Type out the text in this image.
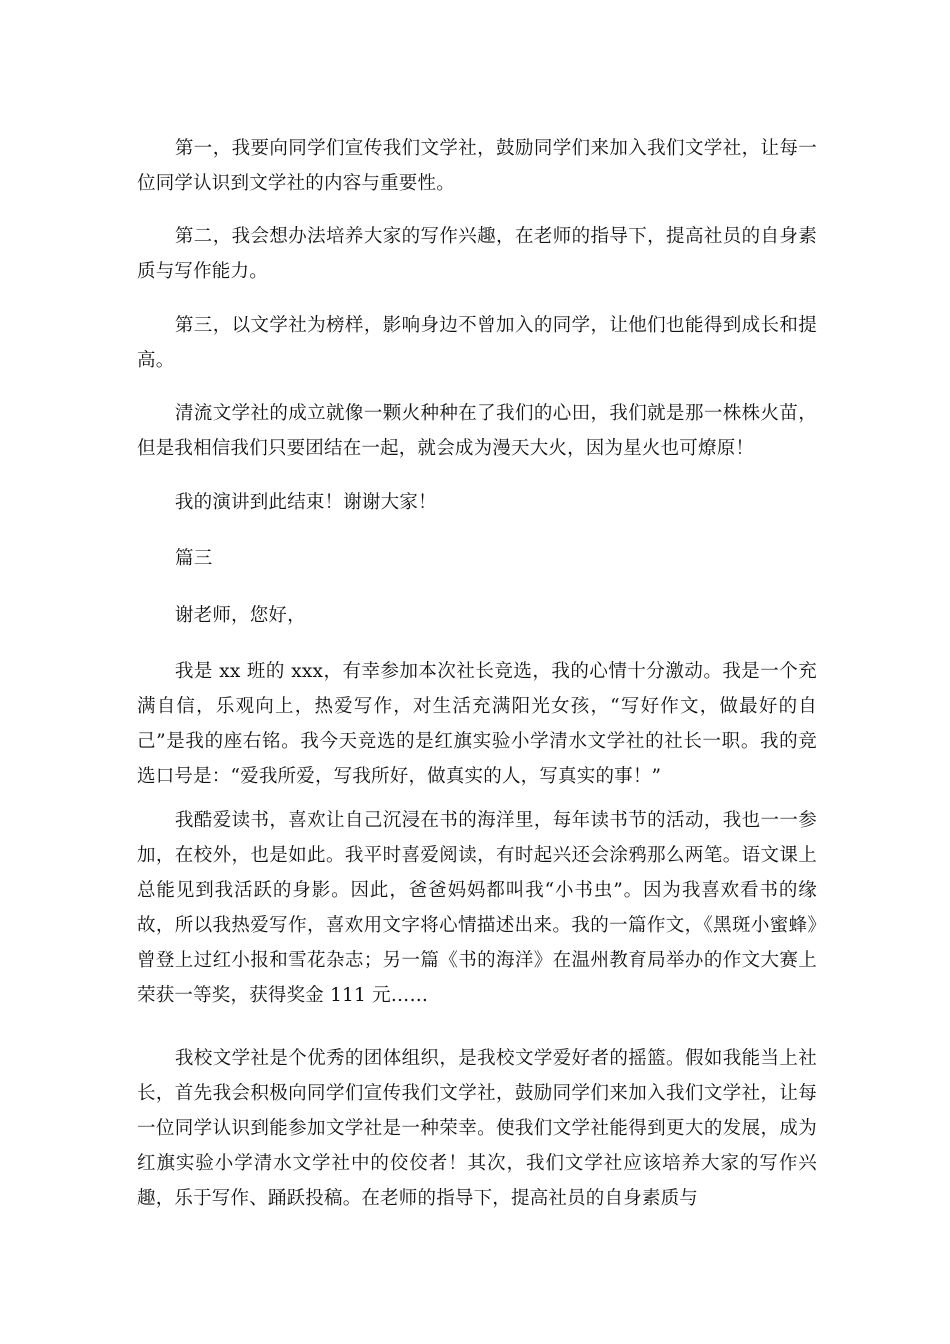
第一，我要向同学们宣传我们文学社，鼓励同学们来加入我们文学社，让每一位同学认识到文学社的内容与重要性。

第二，我会想办法培养大家的写作兴趣，在老师的指导下，提高社员的自身素质与写作能力。

第三，以文学社为榜样，影响身边不曾加入的同学，让他们也能得到成长和提高。

清流文学社的成立就像一颗火种种在了我们的心田，我们就是那一株株火苗，但是我相信我们只要团结在一起，就会成为漫天大火，因为星火也可燎原！

我的演讲到此结束！谢谢大家！

篇三

谢老师，您好，

我是 xx 班的 xxx，有幸参加本次社长竞选，我的心情十分激动。我是一个充满自信，乐观向上，热爱写作，对生活充满阳光女孩，“写好作文，做最好的自己”是我的座右铭。我今天竞选的是红旗实验小学清水文学社的社长一职。我的竞选口号是：“爱我所爱，写我所好，做真实的人，写真实的事！”

我酷爱读书，喜欢让自己沉浸在书的海洋里，每年读书节的活动，我也一一参加，在校外，也是如此。我平时喜爱阅读，有时起兴还会涂鸦那么两笔。语文课上总能见到我活跃的身影。因此，爸爸妈妈都叫我“小书虫”。因为我喜欢看书的缘故，所以我热爱写作，喜欢用文字将心情描述出来。我的一篇作文，《黑斑小蜜蜂》曾登上过红小报和雪花杂志；另一篇《书的海洋》在温州教育局举办的作文大赛上荣获一等奖，获得奖金 111 元……

我校文学社是个优秀的团体组织，是我校文学爱好者的摇篮。假如我能当上社长，首先我会积极向同学们宣传我们文学社，鼓励同学们来加入我们文学社，让每一位同学认识到能参加文学社是一种荣幸。使我们文学社能得到更大的发展，成为红旗实验小学清水文学社中的佼佼者！其次，我们文学社应该培养大家的写作兴趣，乐于写作、踊跃投稿。在老师的指导下，提高社员的自身素质与
